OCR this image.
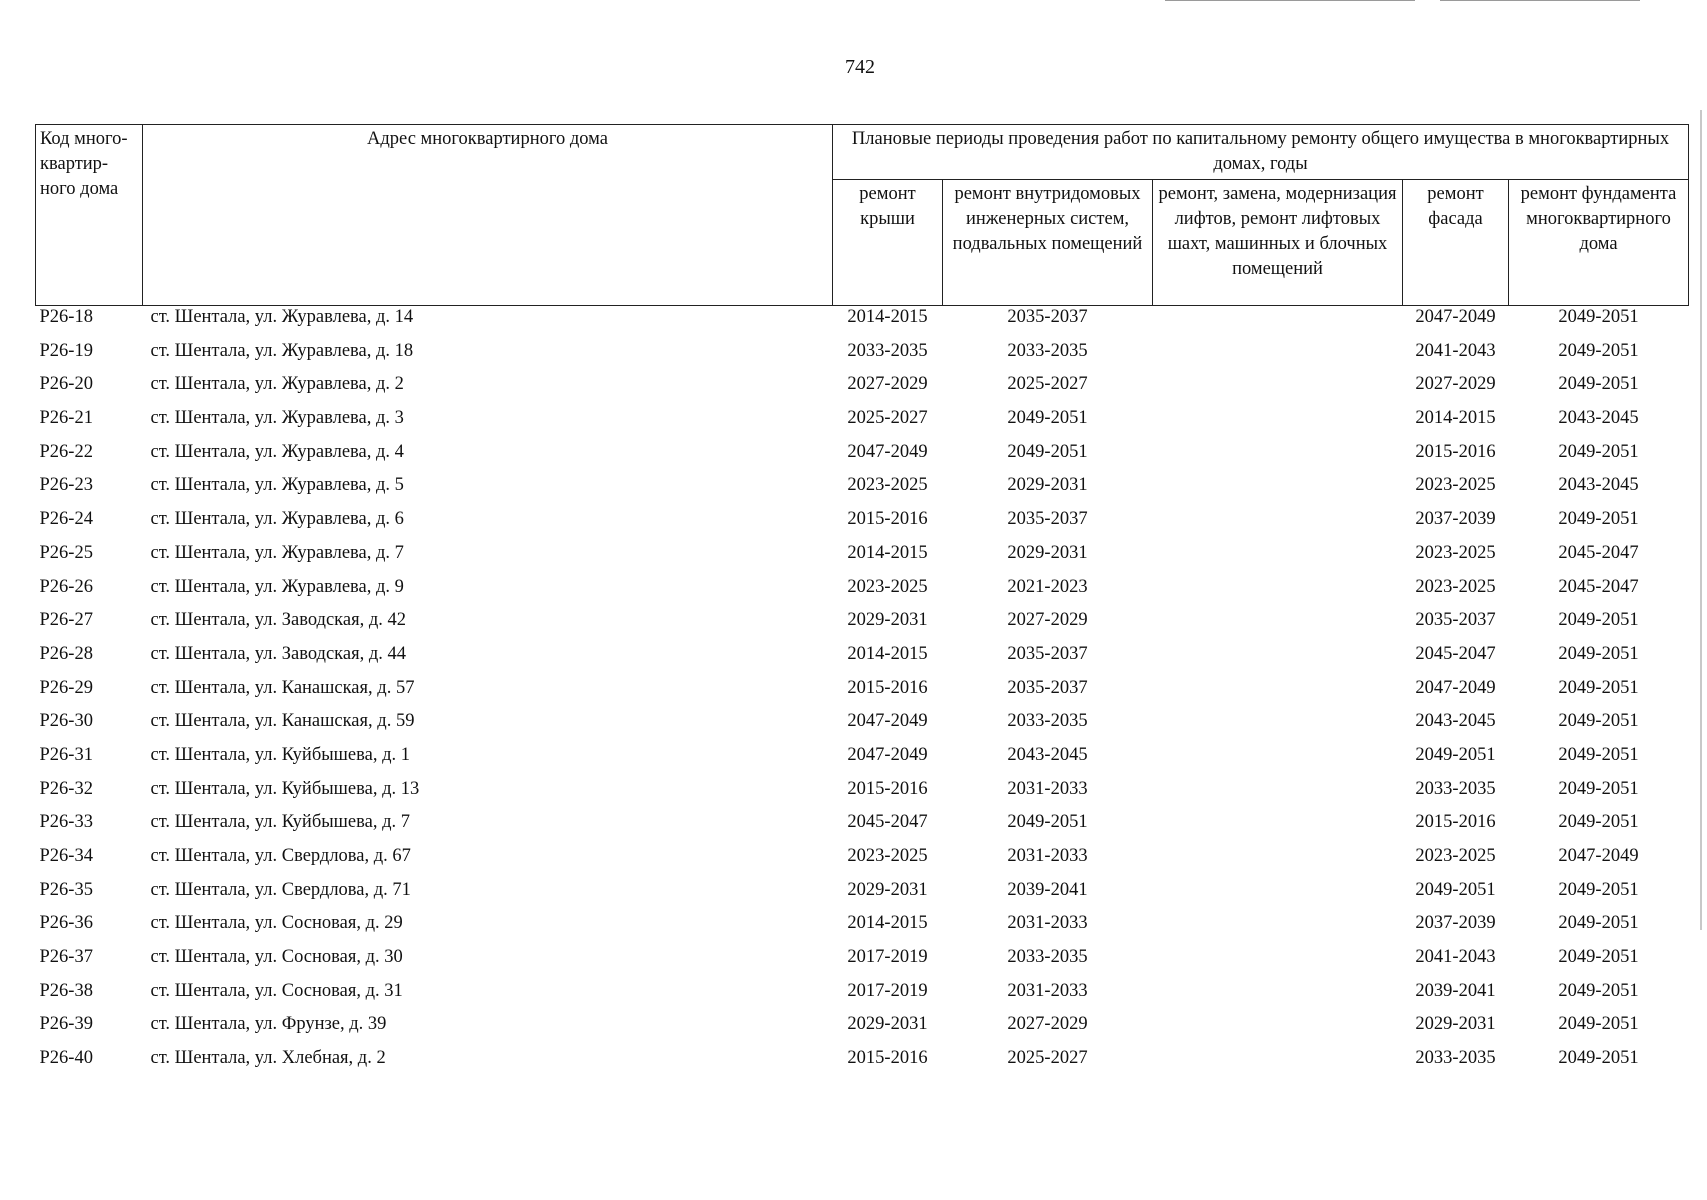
742
Код много-квартир-ного дома	Адрес многоквартирного дома	Плановые периоды проведения работ по капитальному ремонту общего имущества в многоквартирных домах, годы				
		ремонт крыши	ремонт внутридомовых инженерных систем, подвальных помещений	ремонт, замена, модернизация лифтов, ремонт лифтовых шахт, машинных и блочных помещений	ремонт фасада	ремонт фундамента многоквартирного дома
P26-18	ст. Шентала, ул. Журавлева, д. 14	2014-2015	2035-2037		2047-2049	2049-2051
P26-19	ст. Шентала, ул. Журавлева, д. 18	2033-2035	2033-2035		2041-2043	2049-2051
P26-20	ст. Шентала, ул. Журавлева, д. 2	2027-2029	2025-2027		2027-2029	2049-2051
P26-21	ст. Шентала, ул. Журавлева, д. 3	2025-2027	2049-2051		2014-2015	2043-2045
P26-22	ст. Шентала, ул. Журавлева, д. 4	2047-2049	2049-2051		2015-2016	2049-2051
P26-23	ст. Шентала, ул. Журавлева, д. 5	2023-2025	2029-2031		2023-2025	2043-2045
P26-24	ст. Шентала, ул. Журавлева, д. 6	2015-2016	2035-2037		2037-2039	2049-2051
P26-25	ст. Шентала, ул. Журавлева, д. 7	2014-2015	2029-2031		2023-2025	2045-2047
P26-26	ст. Шентала, ул. Журавлева, д. 9	2023-2025	2021-2023		2023-2025	2045-2047
P26-27	ст. Шентала, ул. Заводская, д. 42	2029-2031	2027-2029		2035-2037	2049-2051
P26-28	ст. Шентала, ул. Заводская, д. 44	2014-2015	2035-2037		2045-2047	2049-2051
P26-29	ст. Шентала, ул. Канашская, д. 57	2015-2016	2035-2037		2047-2049	2049-2051
P26-30	ст. Шентала, ул. Канашская, д. 59	2047-2049	2033-2035		2043-2045	2049-2051
P26-31	ст. Шентала, ул. Куйбышева, д. 1	2047-2049	2043-2045		2049-2051	2049-2051
P26-32	ст. Шентала, ул. Куйбышева, д. 13	2015-2016	2031-2033		2033-2035	2049-2051
P26-33	ст. Шентала, ул. Куйбышева, д. 7	2045-2047	2049-2051		2015-2016	2049-2051
P26-34	ст. Шентала, ул. Свердлова, д. 67	2023-2025	2031-2033		2023-2025	2047-2049
P26-35	ст. Шентала, ул. Свердлова, д. 71	2029-2031	2039-2041		2049-2051	2049-2051
P26-36	ст. Шентала, ул. Сосновая, д. 29	2014-2015	2031-2033		2037-2039	2049-2051
P26-37	ст. Шентала, ул. Сосновая, д. 30	2017-2019	2033-2035		2041-2043	2049-2051
P26-38	ст. Шентала, ул. Сосновая, д. 31	2017-2019	2031-2033		2039-2041	2049-2051
P26-39	ст. Шентала, ул. Фрунзе, д. 39	2029-2031	2027-2029		2029-2031	2049-2051
P26-40	ст. Шентала, ул. Хлебная, д. 2	2015-2016	2025-2027		2033-2035	2049-2051
